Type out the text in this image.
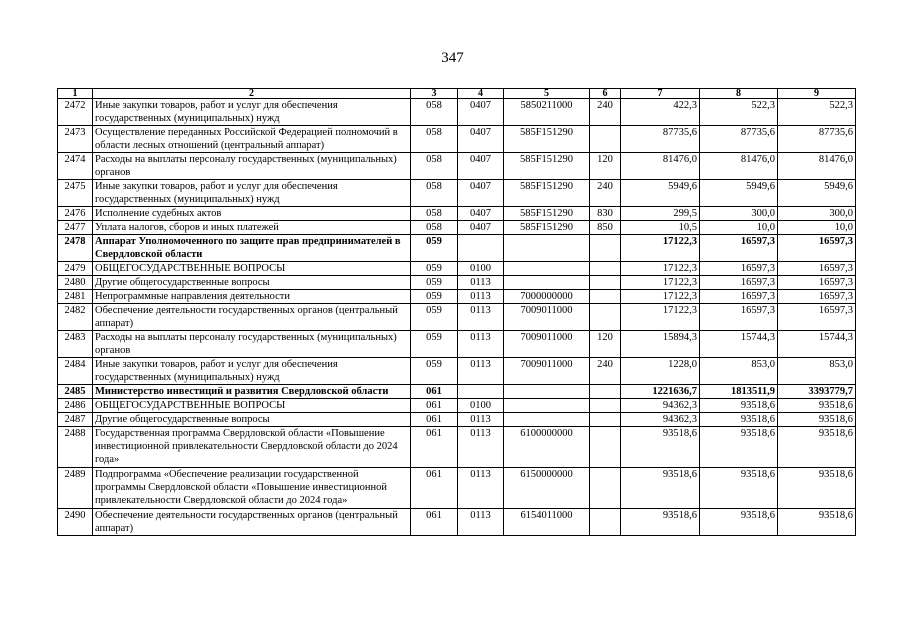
347
1	2	3	4	5	6	7	8	9
2472	Иные закупки товаров, работ и услуг для обеспечения государственных (муниципальных) нужд	058	0407	5850211000	240	422,3	522,3	522,3
2473	Осуществление переданных Российской Федерацией полномочий в области лесных отношений (центральный аппарат)	058	0407	585F151290		87735,6	87735,6	87735,6
2474	Расходы на выплаты персоналу государственных (муниципальных) органов	058	0407	585F151290	120	81476,0	81476,0	81476,0
2475	Иные закупки товаров, работ и услуг для обеспечения государственных (муниципальных) нужд	058	0407	585F151290	240	5949,6	5949,6	5949,6
2476	Исполнение судебных актов	058	0407	585F151290	830	299,5	300,0	300,0
2477	Уплата налогов, сборов и иных платежей	058	0407	585F151290	850	10,5	10,0	10,0
2478	Аппарат Уполномоченного по защите прав предпринимателей в Свердловской области	059				17122,3	16597,3	16597,3
2479	ОБЩЕГОСУДАРСТВЕННЫЕ ВОПРОСЫ	059	0100			17122,3	16597,3	16597,3
2480	Другие общегосударственные вопросы	059	0113			17122,3	16597,3	16597,3
2481	Непрограммные направления деятельности	059	0113	7000000000		17122,3	16597,3	16597,3
2482	Обеспечение деятельности государственных органов (центральный аппарат)	059	0113	7009011000		17122,3	16597,3	16597,3
2483	Расходы на выплаты персоналу государственных (муниципальных) органов	059	0113	7009011000	120	15894,3	15744,3	15744,3
2484	Иные закупки товаров, работ и услуг для обеспечения государственных (муниципальных) нужд	059	0113	7009011000	240	1228,0	853,0	853,0
2485	Министерство инвестиций и развития Свердловской области	061				1221636,7	1813511,9	3393779,7
2486	ОБЩЕГОСУДАРСТВЕННЫЕ ВОПРОСЫ	061	0100			94362,3	93518,6	93518,6
2487	Другие общегосударственные вопросы	061	0113			94362,3	93518,6	93518,6
2488	Государственная программа Свердловской области «Повышение инвестиционной привлекательности Свердловской области до 2024 года»	061	0113	6100000000		93518,6	93518,6	93518,6
2489	Подпрограмма «Обеспечение реализации государственной программы Свердловской области «Повышение инвестиционной привлекательности Свердловской области до 2024 года»	061	0113	6150000000		93518,6	93518,6	93518,6
2490	Обеспечение деятельности государственных органов (центральный аппарат)	061	0113	6154011000		93518,6	93518,6	93518,6
